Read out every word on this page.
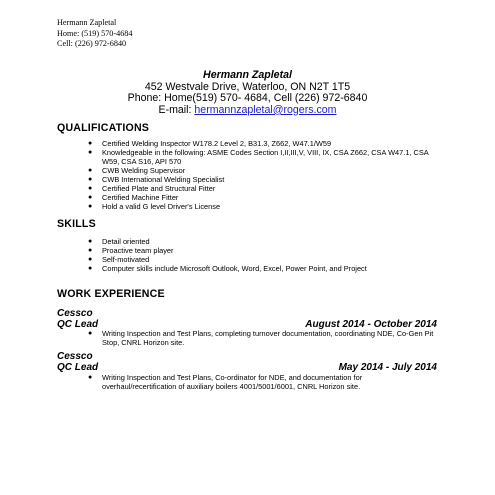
Hermann Zapletal
Home: (519) 570-4684
Cell: (226) 972-6840
Hermann Zapletal
452 Westvale Drive, Waterloo, ON N2T 1T5
Phone: Home(519) 570- 4684, Cell (226) 972-6840
E-mail: hermannzapletal@rogers.com
QUALIFICATIONS
● Certified Welding Inspector W178.2 Level 2, B31.3, Z662, W47.1/W59
● Knowledgeable in the following: ASME Codes Section I,II,III,V, VIII, IX, CSA Z662, CSA W47.1, CSA W59, CSA S16, API 570
● CWB Welding Supervisor
● CWB International Welding Specialist
● Certified Plate and Structural Fitter
● Certified Machine Fitter
● Hold a valid G level Driver's License
SKILLS
● Detail oriented
● Proactive team player
● Self-motivated
● Computer skills include Microsoft Outlook, Word, Excel, Power Point, and Project
WORK EXPERIENCE
Cessco
QC Lead	August 2014 - October 2014
● Writing Inspection and Test Plans, completing turnover documentation, coordinating NDE, Co-Gen Pit Stop, CNRL Horizon site.
Cessco
QC Lead	May 2014 - July 2014
● Writing Inspection and Test Plans, Co-ordinator for NDE, and documentation for overhaul/recertification of auxiliary boilers 4001/5001/6001, CNRL Horizon site.
